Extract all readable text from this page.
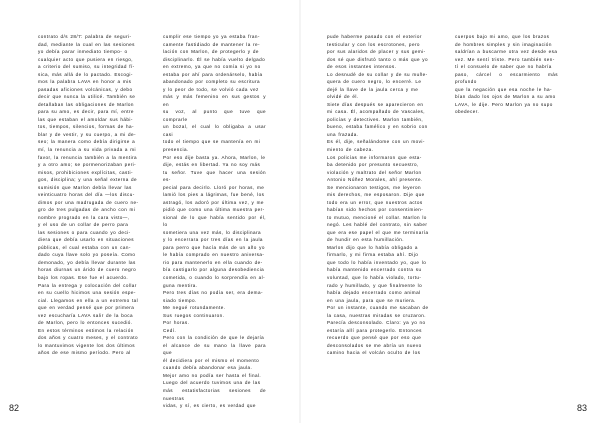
contrato d/s 28/7: palabra de seguri-

dad, mediante la cual en las sesiones

yo debía parar inmediato tiempo- o

cualquier acto que pusiera en riesgo,

a criterio del sumiso, su integridad fí-

sica, más allá de lo pactado. Escogi-

mos la palabra LAVA en honor a mis

pasadas aficiones volcánicas, y debo

decir que nunca la utilicé. También se

detallaban las obligaciones de Marlon

para su amo, es decir, para mí, entre

las que estaban el amoldar sus hábi-

tos, tiempos, silencios, formas de ha-

blar y de vestir, y su cuerpo, a mi de-

seo; la manera como debía dirigirse a

mí, la renuncia a su vida privada a mi

favor, la renuncia también a la mentira

y a otro amo; se pormenorizaban peri-

misos, prohibiciones explícitas, casti-

gos, disciplina; y una señal externa de

sumisión que Marlon debía llevar las

veinticuatro horas del día —los discu-

dimos por una madrugada de cuero ne-

gro de tres pulgadas de ancho con mi

nombre progrado en la cara visto—,

y el uso de un collar de perro para

las sesiones o para cuando yo deci-

diera que debía usarlo en situaciones

públicas, el cual estaba con un can-

dado cuya llave solo yo poseía. Como

demonado, yo debía llevar durante las

horas diurnas un árido de cuero negro

bajo los ropas. Ese fue el acuerdo.

Para la entrega y colocación del collar

en su cuello hicimos una sesión espe-

cial. Llegamos en ella a un extremo tal

que en verdad pensé que por primera

vez escucharía LAVA salir de la boca

de Marlon, pero lo entonces sucedió.

En estos términos estimos la relación

dos años y cuatro meses, y el contrato

lo mantuvimos vigente los dos últimos

años de ese mismo período. Pero al

cumplir ese tiempo yo ya estaba fran-

camente fastidiado de mantener la re-

lación con Marlon, de protegerlo y de

disciplinarlo. Él se había vuelto delgado

en extremo, ya que no comía si yo no

estaba por ahí para ordenárselo, había

abandonado por completo su escritura

y lo peor de todo, se volvió cada vez

más y más femenino en sus gestos y en

su voz, al punto que tuve que comprarle

un bozal, el cual lo obligaba a usar casi

todo el tiempo que se mantenía en mi

presencia.

Por eso dije basta ya. Ahora, Marlon, le

dije, estás en libertad. Ya no soy más

tu señor. Tuve que hacer una sesión es-

pecial para decirlo. Lloró por horas, me

lamió los pies a lágrimas, fue bené, los

astragó, los adoró por última vez, y me

pidió que como una última muestra per-

sional de lo que había sentido por él, lo

sometiera una vez más, lo disciplinara

y lo encerrara por tres días en la jaula

para perro que hacía más de un año yo

le había comprado en nuestro aniversa-

rio para mantenerlo en ella cuando de-

bía castigarlo por alguna desobediencia

cometida, o cuando lo sorprendía en al-

guna mentira.

Pero tres días no podía ser, era dema-

siado tiempo.

Me negué rotundamente.

Sus ruegos continuaron.

Por horas.

Cedí.

Pero con la condición de que le dejaría

el alcance de su mano la llave para que

él decidiera por el mismo el momento

cuando debía abandonar esa jaula.

Mejor amo no podía ser hasta el final.

Luego del acuerdo tuvimos una de las

más estatisfactorias sesiones de nuestras

vidas, y sí, es cierto, es verdad que

82

pude haberme pasado con el exterior

testicular y con los escrotones, pero

por sus alaridos de placer y sus gemi-

dos sé que disfrutó tanto o más que yo

de esos instantes intensos.

Lo desnudé de su collar y de su muñe-

quera de cuero negro, lo encerré. Le

dejé la llave de la jaula cerca y me

olvidé de él.

Siete días después se aparecieron en

mi casa. Él, acompañado de Vascales,

policías y detectives. Marlon también,

bueno, estaba famélico y en sobrio con

una frazada.

Es él, dije, señalándome con un movi-

miento de cabeza.

Los policías me informaron que esta-

ba detenido por presunto secuestro,

violación y maltrato del señor Marlon

Antonio Núñez Morales, ahí presente.

Se mencionaron testigos, me leyeron

mis derechos, me esposaron. Dije que

todo era un error, que nuestros actos

habían sido hechos por consentimien-

to mutuo, mencioné el collar. Marlon lo

negó. Les hablé del contrato, sin saber

que era ese papel el que me terminaría

de hundir en esta humillación.

Marlon dijo que lo había obligado a

firmarlo, y mi firma estaba ahí. Dijo

que todo lo había inventado yo, que lo

había mantenido encerrado contra su

voluntad, que lo había violado, tortu-

rado y humillado, y que finalmente lo

había dejado encerrado como animal

en una jaula, para que se muriera.

Por un instante, cuando me sacaban de

la casa, nuestras miradas se cruzaron.

Parecía desconsolado. Claro: ya yo no

estaría allí para protegerlo. Entonces

recuerdo que pensé que por eso que

desconsolados se me abría un nuevo

camino hacia el volcán oculto de los

cuerpos bajo mi amo, que los brazos

de hombres simples y sin imaginación

saldrían a buscarme otra vez desde esa

vez. Me sentí triste. Pero también sen-

tí el consuelo de saber que no habría

paso, cárcel o escarmiento más profundo

que la negación que esa noche le ha-

bían dado los ojos de Marlon a su amo

LAVA, le dije. Pero Marlon ya no supo

obedecer.

83
